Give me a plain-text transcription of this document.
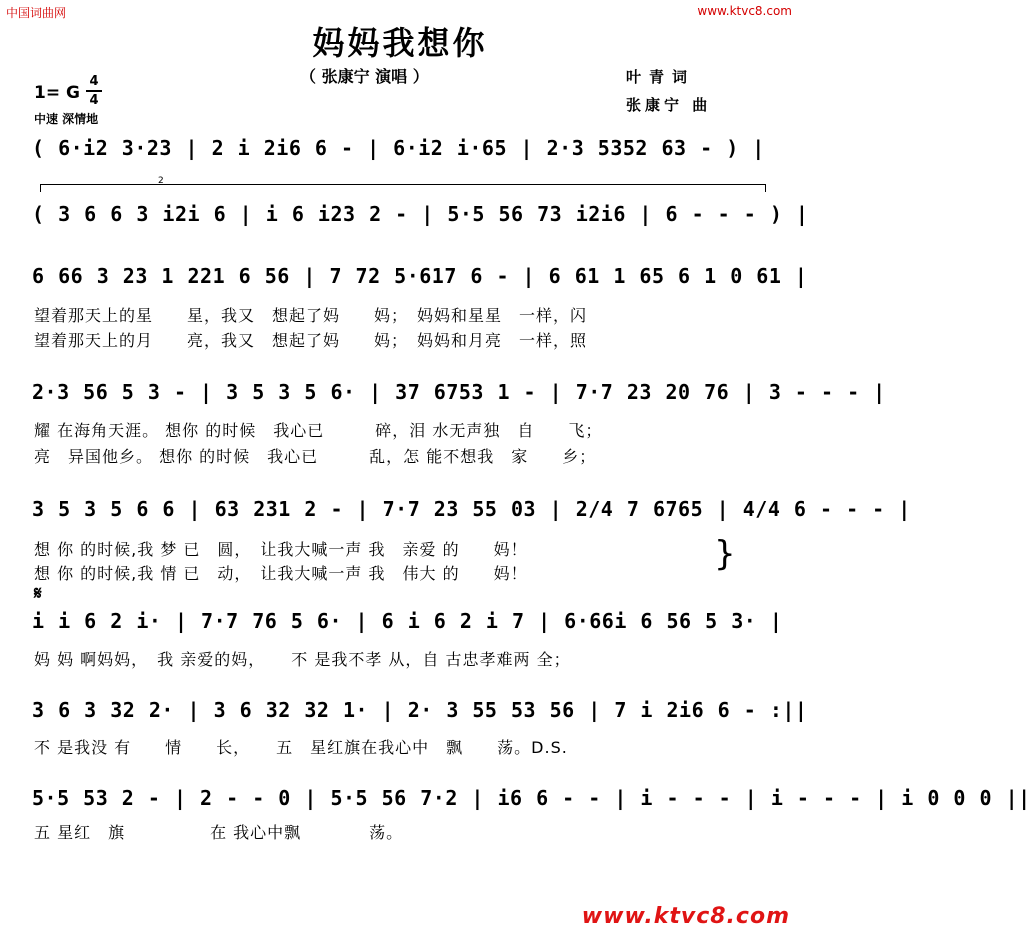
中国词曲网	www.ktvc8.com
妈妈我想你
（ 张康宁 演唱 ）	叶青词
张康宁 曲
1= G
4
4
中速 深情地
( 6·i2 3·23 | 2 i 2i6 6 - | 6·i2 i·65 | 2·3 5352 63 - ) |
2
( 3 6 6 3 i2i 6 | i 6 i23 2 - | 5·5 56 73 i2i6 | 6 - - - ) |
6 66 3 23 1 221 6 56 | 7 72 5·617 6 - | 6 61 1 65 6 1 0 61 |
望着那天上的星　　星，我又　想起了妈　　妈；　妈妈和星星　一样，闪
望着那天上的月　　亮，我又　想起了妈　　妈；　妈妈和月亮　一样，照
2·3 56 5 3 - | 3 5 3 5 6· | 37 6753 1 - | 7·7 23 20 76 | 3 - - - |
耀 在海角天涯。 想你 的时候　我心已　　　碎，泪 水无声独　自　　飞；
亮　异国他乡。 想你 的时候　我心已　　　乱，怎 能不想我　家　　乡；
3 5 3 5 6 6 | 63 231 2 - | 7·7 23 55 03 | 2/4 7 6765 | 4/4 6 - - - |
想 你 的时候,我 梦 已　圆，　让我大喊一声 我　亲爱 的　　妈！
想 你 的时候,我 情 已　动，　让我大喊一声 我　伟大 的　　妈！	}
𝄋
i i 6 2 i· | 7·7 76 5 6· | 6 i 6 2 i 7 | 6·66i 6 56 5 3· |
妈 妈 啊妈妈，　我 亲爱的妈，　　不 是我不孝 从，自 古忠孝难两 全；
3 6 3 32 2· | 3 6 32 32 1· | 2· 3 55 53 56 | 7 i 2i6 6 - :||
不 是我没 有　　情　　长，　　五　星红旗在我心中　飘　　荡。D.S.
5·5 53 2 - | 2 - - 0 | 5·5 56 7·2 | i6 6 - - | i - - - | i - - - | i 0 0 0 ||
五 星红　旗　　　　　在 我心中飘　　　　荡。
www.ktvc8.com
